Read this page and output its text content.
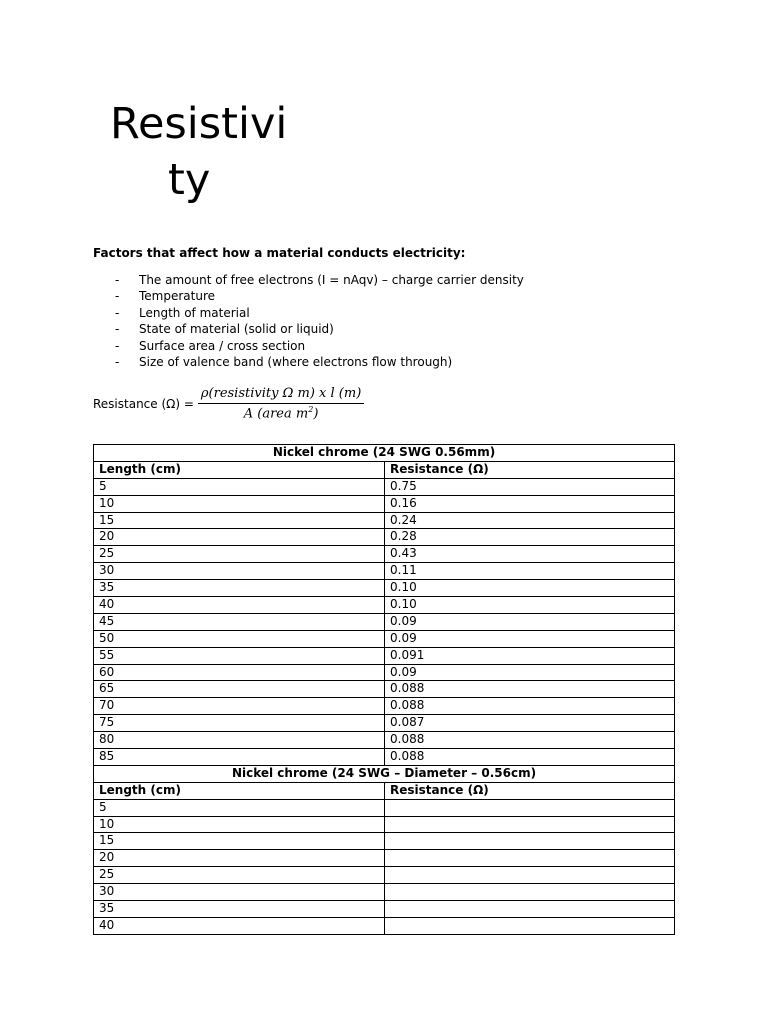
Resistivi
ty
Factors that affect how a material conducts electricity:
- The amount of free electrons (I = nAqv) – charge carrier density
- Temperature
- Length of material
- State of material (solid or liquid)
- Surface area / cross section
- Size of valence band (where electrons flow through)
Resistance $(\Omega) = \frac{\text{ρ(resistivity Ω m) x l (m)}}{A (area m^2)}$
Nickel chrome (24 SWG 0.56mm)	
Length (cm)	Resistance (Ω)
5	0.75
10	0.16
15	0.24
20	0.28
25	0.43
30	0.11
35	0.10
40	0.10
45	0.09
50	0.09
55	0.091
60	0.09
65	0.088
70	0.088
75	0.087
80	0.088
85	0.088
Nickel chrome (24 SWG – Diameter – 0.56cm)	
Length (cm)	Resistance (Ω)
5	
10	
15	
20	
25	
30	
35	
40	
